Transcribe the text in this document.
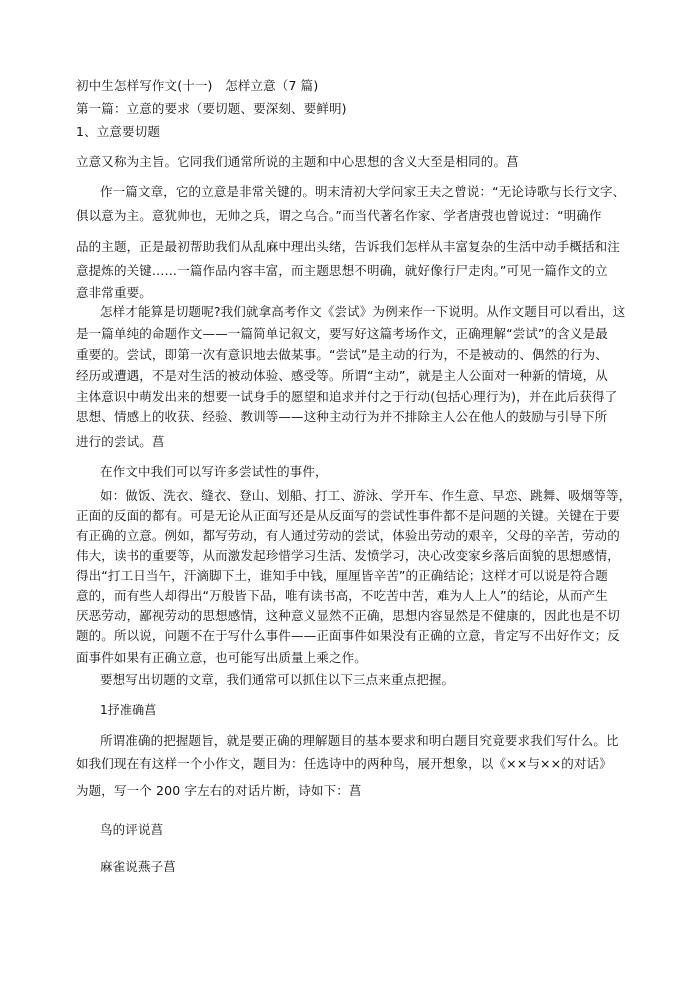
初中生怎样写作文(十一)　怎样立意（7 篇)
第一篇：立意的要求（要切题、要深刻、要鲜明)
1、立意要切题
立意又称为主旨。它同我们通常所说的主题和中心思想的含义大至是相同的。菖
作一篇文章，它的立意是非常关键的。明末清初大学问家王夫之曾说：“无论诗歌与长行文字、
俱以意为主。意犹帅也，无帅之兵，谓之乌合。”而当代著名作家、学者唐弢也曾说过：“明确作
品的主题，正是最初帮助我们从乱麻中理出头绪，告诉我们怎样从丰富复杂的生活中动手概括和注
意提炼的关键……一篇作品内容丰富，而主题思想不明确，就好像行尸走肉。”可见一篇作文的立
意非常重要。
怎样才能算是切题呢?我们就拿高考作文《尝试》为例来作一下说明。从作文题目可以看出，这
是一篇单纯的命题作文——一篇简单记叙文，要写好这篇考场作文，正确理解“尝试”的含义是最
重要的。尝试，即第一次有意识地去做某事。“尝试”是主动的行为，不是被动的、偶然的行为、
经历或遭遇，不是对生活的被动体验、感受等。所谓“主动”，就是主人公面对一种新的情境，从
主体意识中萌发出来的想要一试身手的愿望和追求并付之于行动(包括心理行为)，并在此后获得了
思想、情感上的收获、经验、教训等——这种主动行为并不排除主人公在他人的鼓励与引导下所
进行的尝试。菖
在作文中我们可以写许多尝试性的事件，
如：做饭、洗衣、缝衣、登山、划船、打工、游泳、学开车、作生意、早恋、跳舞、吸烟等等，
正面的反面的都有。可是无论从正面写还是从反面写的尝试性事件都不是问题的关键。关键在于要
有正确的立意。例如，都写劳动，有人通过劳动的尝试，体验出劳动的艰辛，父母的辛苦，劳动的
伟大，读书的重要等，从而激发起珍惜学习生活、发愤学习，决心改变家乡落后面貌的思想感情，
得出“打工日当午，汗滴脚下土，谁知手中钱，厘厘皆辛苦”的正确结论；这样才可以说是符合题
意的，而有些人却得出“万般皆下品，唯有读书高，不吃苦中苦，难为人上人”的结论，从而产生
厌恶劳动，鄙视劳动的思想感情，这种意义显然不正确，思想内容显然是不健康的，因此也是不切
题的。所以说，问题不在于写什么事件——正面事件如果没有正确的立意，肯定写不出好作文；反
面事件如果有正确立意，也可能写出质量上乘之作。
要想写出切题的文章，我们通常可以抓住以下三点来重点把握。
1抒准确菖
所谓准确的把握题旨，就是要正确的理解题目的基本要求和明白题目究竟要求我们写什么。比
如我们现在有这样一个小作文，题目为：任选诗中的两种鸟，展开想象，以《××与××的对话》
为题，写一个 200 字左右的对话片断，诗如下：菖
鸟的评说菖
麻雀说燕子菖
